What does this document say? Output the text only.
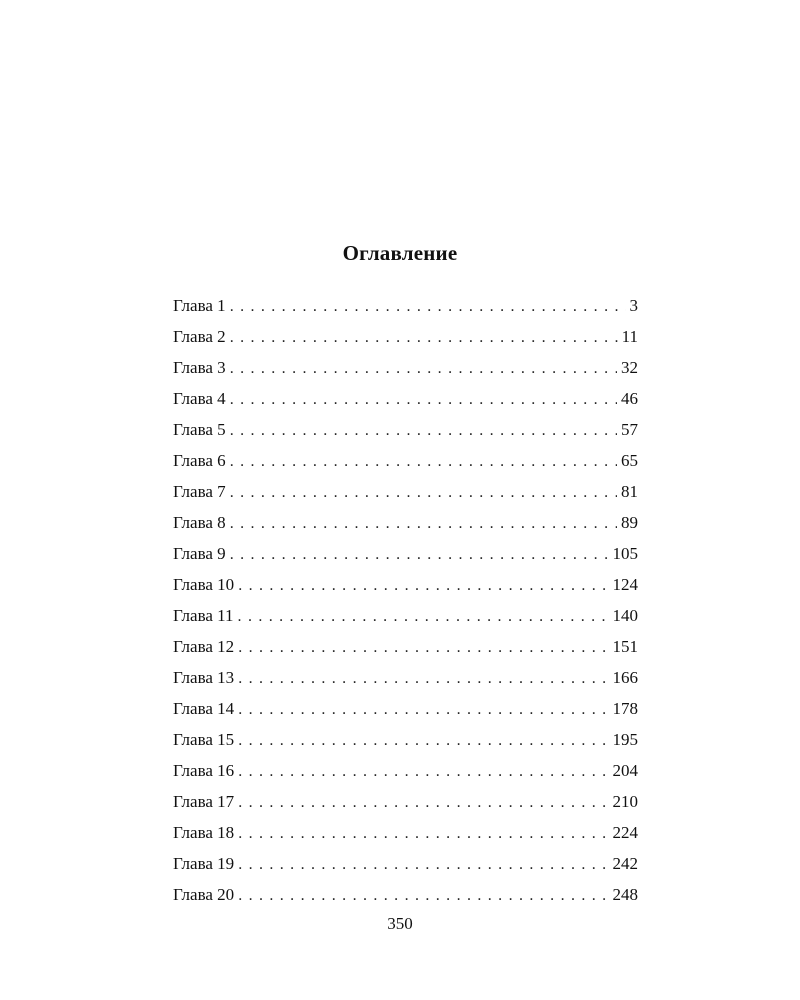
Оглавление
Глава 1 . . .	3
Глава 2 . . .	11
Глава 3 . . .	32
Глава 4 . . .	46
Глава 5 . . .	57
Глава 6 . . .	65
Глава 7 . . .	81
Глава 8 . . .	89
Глава 9 . . .	105
Глава 10 . . .	124
Глава 11 . . .	140
Глава 12 . . .	151
Глава 13 . . .	166
Глава 14 . . .	178
Глава 15 . . .	195
Глава 16 . . .	204
Глава 17 . . .	210
Глава 18 . . .	224
Глава 19 . . .	242
Глава 20 . . .	248
350
